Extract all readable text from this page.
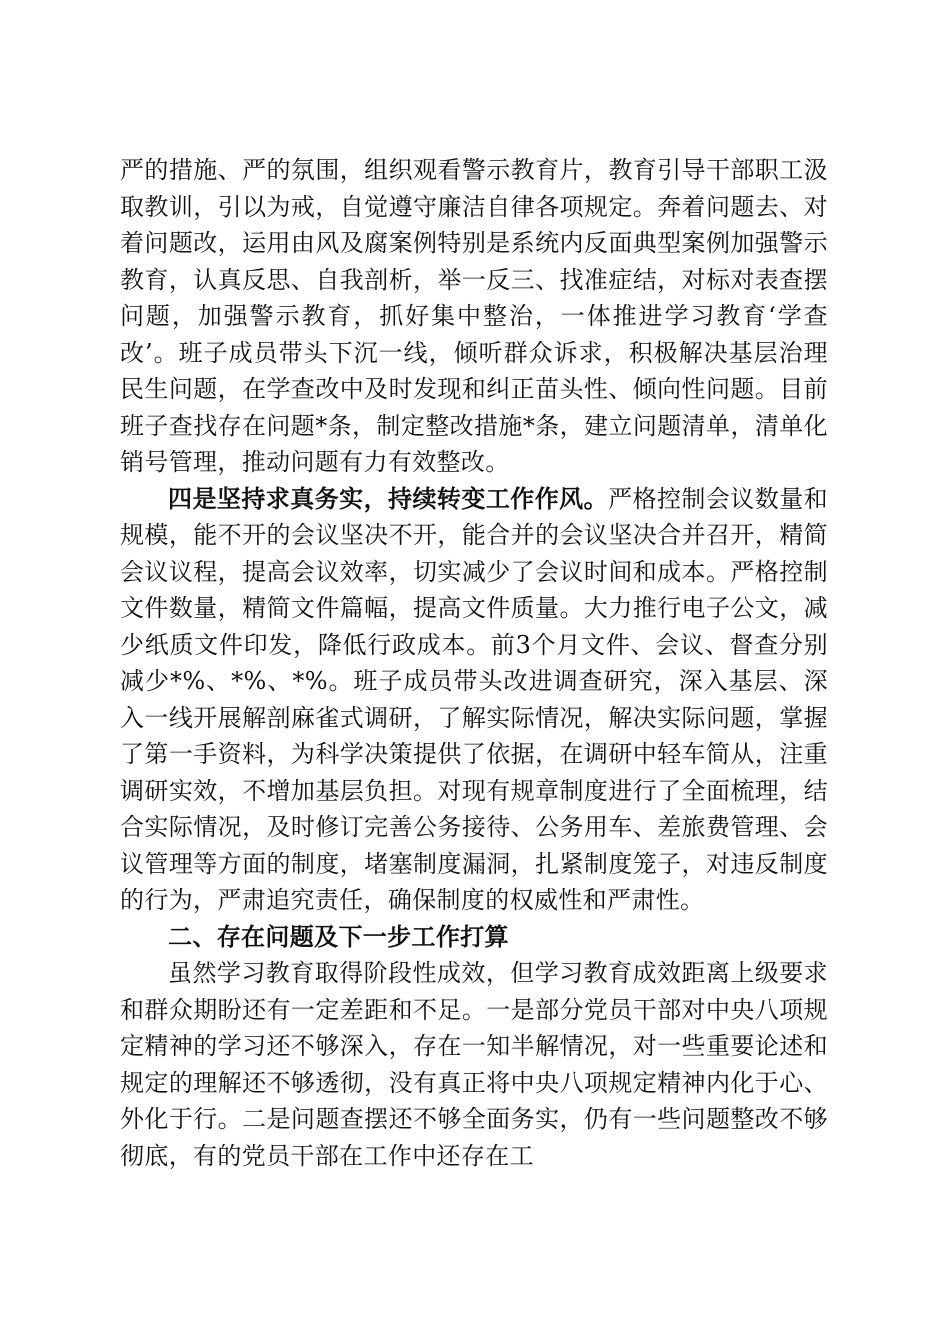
严的措施、严的氛围，组织观看警示教育片，教育引导干部职工汲取教训，引以为戒，自觉遵守廉洁自律各项规定。奔着问题去、对着问题改，运用由风及腐案例特别是系统内反面典型案例加强警示教育，认真反思、自我剖析，举一反三、找准症结，对标对表查摆问题，加强警示教育，抓好集中整治，一体推进学习教育‘学查改’。班子成员带头下沉一线，倾听群众诉求，积极解决基层治理民生问题，在学查改中及时发现和纠正苗头性、倾向性问题。目前班子查找存在问题*条，制定整改措施*条，建立问题清单，清单化销号管理，推动问题有力有效整改。

四是坚持求真务实，持续转变工作作风。严格控制会议数量和规模，能不开的会议坚决不开，能合并的会议坚决合并召开，精简会议议程，提高会议效率，切实减少了会议时间和成本。严格控制文件数量，精简文件篇幅，提高文件质量。大力推行电子公文，减少纸质文件印发，降低行政成本。前3个月文件、会议、督查分别减少*%、*%、*%。班子成员带头改进调查研究，深入基层、深入一线开展解剖麻雀式调研，了解实际情况，解决实际问题，掌握了第一手资料，为科学决策提供了依据，在调研中轻车简从，注重调研实效，不增加基层负担。对现有规章制度进行了全面梳理，结合实际情况，及时修订完善公务接待、公务用车、差旅费管理、会议管理等方面的制度，堵塞制度漏洞，扎紧制度笼子，对违反制度的行为，严肃追究责任，确保制度的权威性和严肃性。

二、存在问题及下一步工作打算

虽然学习教育取得阶段性成效，但学习教育成效距离上级要求和群众期盼还有一定差距和不足。一是部分党员干部对中央八项规定精神的学习还不够深入，存在一知半解情况，对一些重要论述和规定的理解还不够透彻，没有真正将中央八项规定精神内化于心、外化于行。二是问题查摆还不够全面务实，仍有一些问题整改不够彻底，有的党员干部在工作中还存在工
